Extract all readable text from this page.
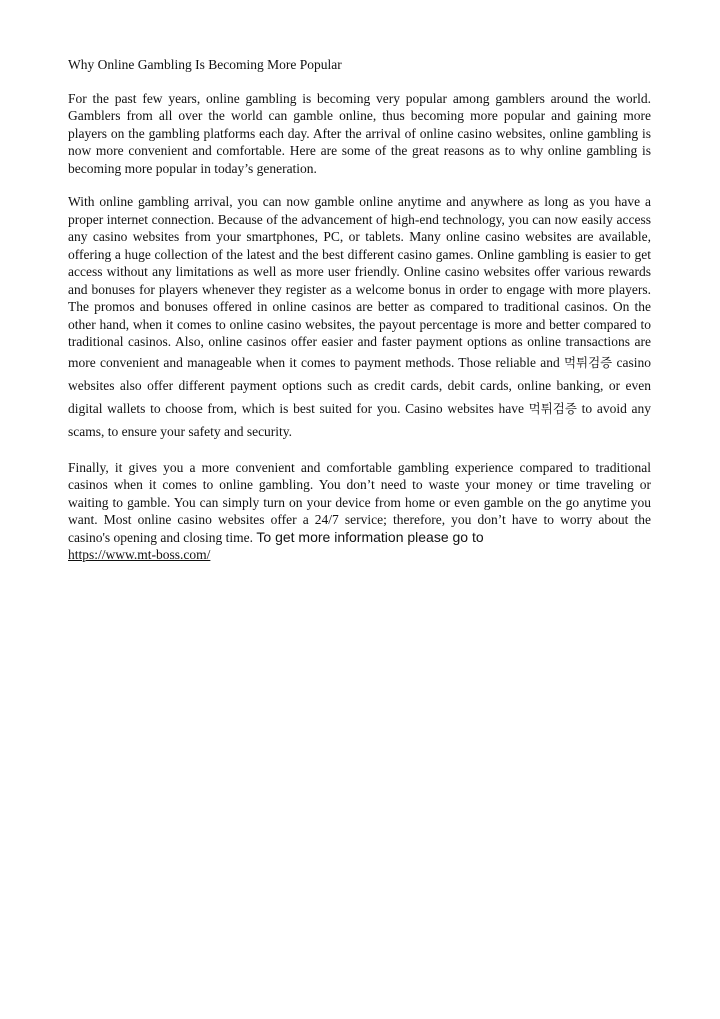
Why Online Gambling Is Becoming More Popular

For the past few years, online gambling is becoming very popular among gamblers around the world. Gamblers from all over the world can gamble online, thus becoming more popular and gaining more players on the gambling platforms each day. After the arrival of online casino websites, online gambling is now more convenient and comfortable. Here are some of the great reasons as to why online gambling is becoming more popular in today’s generation.

With online gambling arrival, you can now gamble online anytime and anywhere as long as you have a proper internet connection. Because of the advancement of high-end technology, you can now easily access any casino websites from your smartphones, PC, or tablets. Many online casino websites are available, offering a huge collection of the latest and the best different casino games. Online gambling is easier to get access without any limitations as well as more user friendly. Online casino websites offer various rewards and bonuses for players whenever they register as a welcome bonus in order to engage with more players. The promos and bonuses offered in online casinos are better as compared to traditional casinos. On the other hand, when it comes to online casino websites, the payout percentage is more and better compared to traditional casinos. Also, online casinos offer easier and faster payment options as online transactions are more convenient and manageable when it comes to payment methods. Those reliable and 먹튀검증 casino websites also offer different payment options such as credit cards, debit cards, online banking, or even digital wallets to choose from, which is best suited for you. Casino websites have 먹튀검증 to avoid any scams, to ensure your safety and security.

Finally, it gives you a more convenient and comfortable gambling experience compared to traditional casinos when it comes to online gambling. You don’t need to waste your money or time traveling or waiting to gamble. You can simply turn on your device from home or even gamble on the go anytime you want. Most online casino websites offer a 24/7 service; therefore, you don’t have to worry about the casino's opening and closing time. To get more information please go to
https://www.mt-boss.com/
